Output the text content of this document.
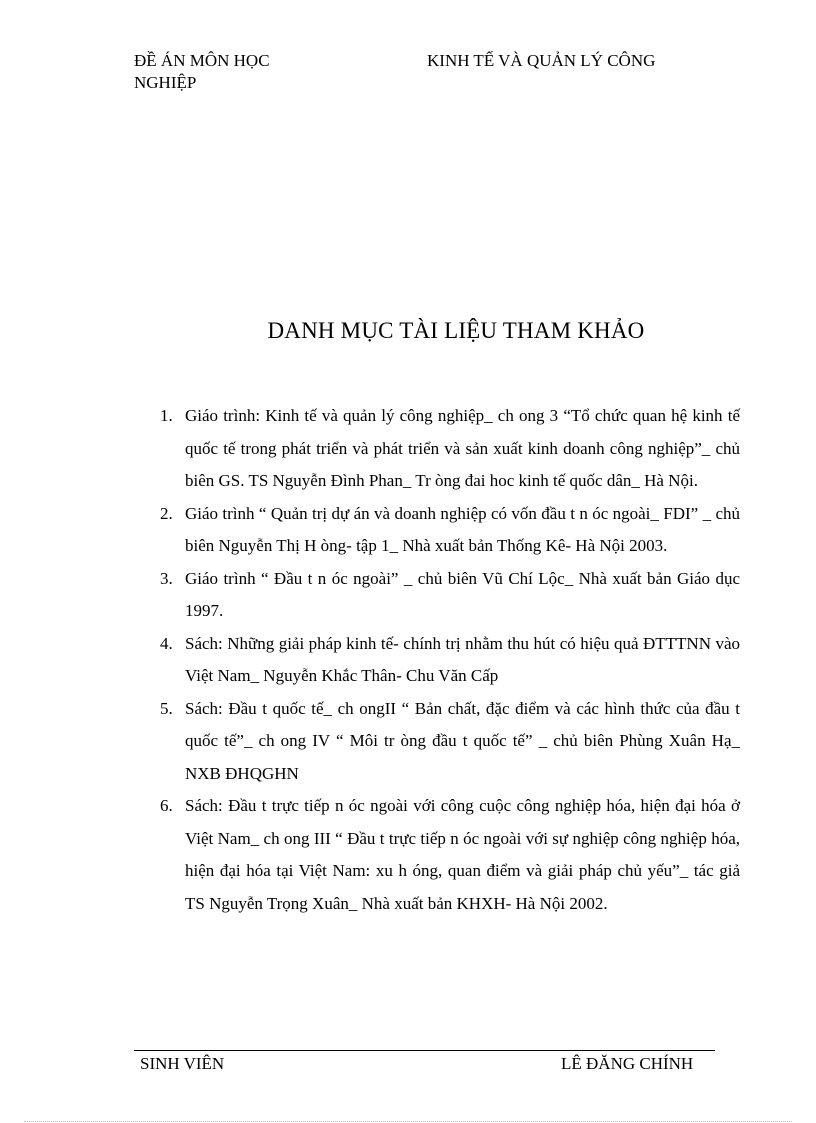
ĐỀ ÁN MÔN HỌC
NGHIỆP
KINH TẾ VÀ QUẢN LÝ CÔNG
DANH MỤC TÀI LIỆU THAM KHẢO
1. Giáo trình: Kinh tế và quản lý công nghiệp_ ch ong 3 “Tổ chức quan hệ kinh tế quốc tế trong phát triển và phát triển và sản xuất kinh doanh công nghiệp”_ chủ biên GS. TS Nguyễn Đình Phan_ Tr òng đai hoc kinh tế quốc dân_ Hà Nội.
2. Giáo trình “ Quản trị dự án và doanh nghiệp có vốn đầu t n óc ngoài_ FDI” _ chủ biên Nguyễn Thị H òng- tập 1_ Nhà xuất bản Thống Kê- Hà Nội 2003.
3. Giáo trình “ Đầu t n óc ngoài” _ chủ biên Vũ Chí Lộc_ Nhà xuất bản Giáo dục 1997.
4. Sách: Những giải pháp kinh tế- chính trị nhằm thu hút có hiệu quả ĐTTTNN vào Việt Nam_ Nguyễn Khắc Thân- Chu Văn Cấp
5. Sách: Đầu t quốc tế_ ch ongII “ Bản chất, đặc điểm và các hình thức của đầu t quốc tế”_ ch ong IV “ Môi tr òng đầu t quốc tế” _ chủ biên Phùng Xuân Hạ_ NXB ĐHQGHN
6. Sách: Đầu t trực tiếp n óc ngoài với công cuộc công nghiệp hóa, hiện đại hóa ở Việt Nam_ ch ong III “ Đầu t trực tiếp n óc ngoài với sự nghiệp công nghiệp hóa, hiện đại hóa tại Việt Nam: xu h óng, quan điểm và giải pháp chủ yếu”_ tác giả TS Nguyễn Trọng Xuân_ Nhà xuất bản KHXH- Hà Nội 2002.
SINH VIÊN	LÊ ĐĂNG CHÍNH
